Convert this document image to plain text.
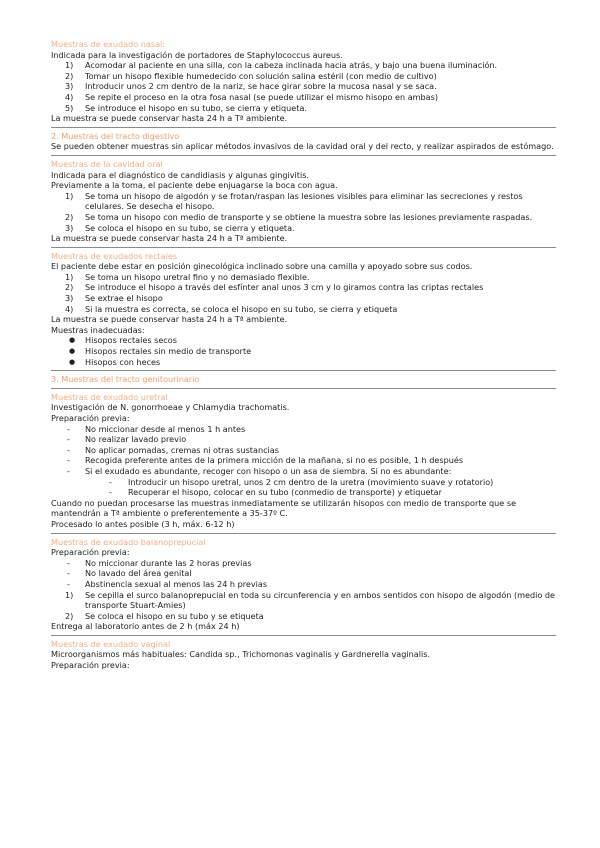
Muestras de exudado nasal:
Indicada para la investigación de portadores de Staphylococcus aureus.
1)	Acomodar al paciente en una silla, con la cabeza inclinada hacia atrás, y bajo una buena iluminación.
2)	Tomar un hisopo flexible humedecido con solución salina estéril (con medio de cultivo)
3)	Introducir unos 2 cm dentro de la nariz, se hace girar sobre la mucosa nasal y se saca.
4)	Se repite el proceso en la otra fosa nasal (se puede utilizar el mismo hisopo en ambas)
5)	Se introduce el hisopo en su tubo, se cierra y etiqueta.
La muestra se puede conservar hasta 24 h a Tª ambiente.
2. Muestras del tracto digestivo
Se pueden obtener muestras sin aplicar métodos invasivos de la cavidad oral y del recto, y realizar aspirados de estómago.
Muestras de la cavidad oral
Indicada para el diagnóstico de candidiasis y algunas gingivitis.
Previamente a la toma, el paciente debe enjuagarse la boca con agua.
1)	Se toma un hisopo de algodón y se frotan/raspan las lesiones visibles para eliminar las secreciones y restos celulares. Se desecha el hisopo.
2)	Se toma un hisopo con medio de transporte y se obtiene la muestra sobre las lesiones previamente raspadas.
3)	Se coloca el hisopo en su tubo, se cierra y etiqueta.
La muestra se puede conservar hasta 24 h a Tª ambiente.
Muestras de exudados rectales
El paciente debe estar en posición ginecológica inclinado sobre una camilla y apoyado sobre sus codos.
1)	Se toma un hisopo uretral fino y no demasiado flexible.
2)	Se introduce el hisopo a través del esfínter anal unos 3 cm y lo giramos contra las criptas rectales
3)	Se extrae el hisopo
4)	Si la muestra es correcta, se coloca el hisopo en su tubo, se cierra y etiqueta
La muestra se puede conservar hasta 24 h a Tª ambiente.
Muestras inadecuadas:
● Hisopos rectales secos
● Hisopos rectales sin medio de transporte
● Hisopos con heces
3. Muestras del tracto genitourinario
Muestras de exudado uretral
Investigación de N. gonorrhoeae y Chlamydia trachomatis.
Preparación previa:
- No miccionar desde al menos 1 h antes
- No realizar lavado previo
- No aplicar pomadas, cremas ni otras sustancias
- Recogida preferente antes de la primera micción de la mañana, si no es posible, 1 h después
- Si el exudado es abundante, recoger con hisopo o un asa de siembra. Si no es abundante:
- Introducir un hisopo uretral, unos 2 cm dentro de la uretra (movimiento suave y rotatorio)
- Recuperar el hisopo, colocar en su tubo (conmedio de transporte) y etiquetar
Cuando no puedan procesarse las muestras inmediatamente se utilizarán hisopos con medio de transporte que se mantendrán a Tª ambiente o preferentemente a 35-37º C.
Procesado lo antes posible (3 h, máx. 6-12 h)
Muestras de exudado balanoprepucial
Preparación previa:
- No miccionar durante las 2 horas previas
- No lavado del área genital
- Abstinencia sexual al menos las 24 h previas
1)	Se cepilla el surco balanoprepucial en toda su circunferencia y en ambos sentidos con hisopo de algodón (medio de transporte Stuart-Amies)
2)	Se coloca el hisopo en su tubo y se etiqueta
Entrega al laboratorio antes de 2 h (máx 24 h)
Muestras de exudado vaginal
Microorganismos más habituales: Candida sp., Trichomonas vaginalis y Gardnerella vaginalis.
Preparación previa:
